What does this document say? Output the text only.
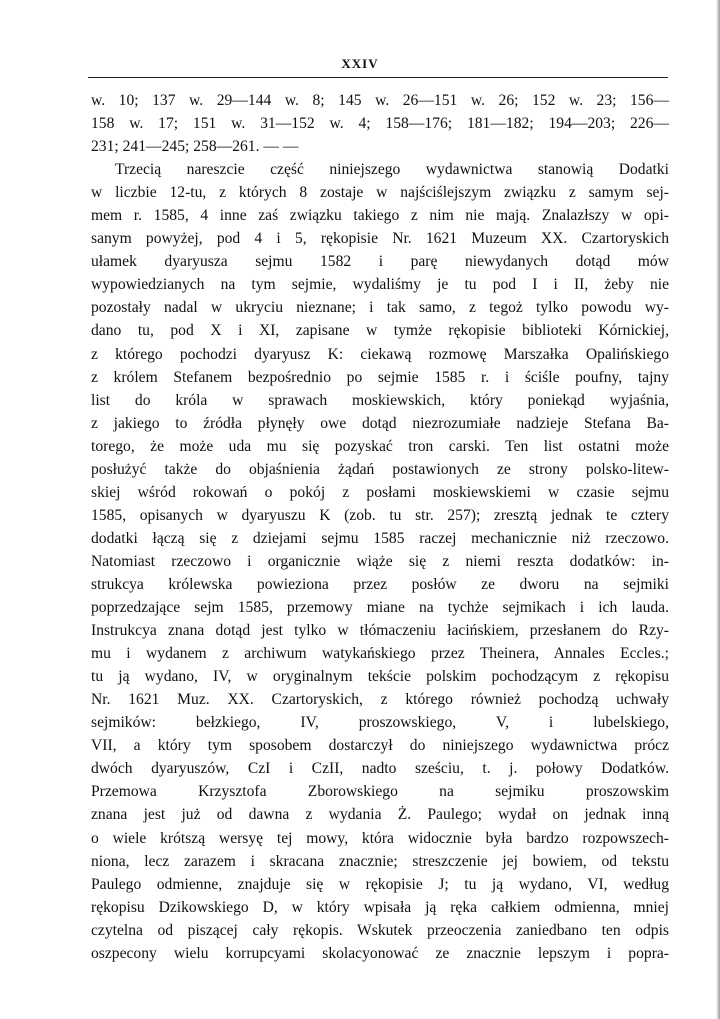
XXIV
w. 10; 137 w. 29—144 w. 8; 145 w. 26—151 w. 26; 152 w. 23; 156—
158 w. 17; 151 w. 31—152 w. 4; 158—176; 181—182; 194—203; 226—
231; 241—245; 258—261. — —
Trzecią nareszcie część niniejszego wydawnictwa stanowią Dodatki
w liczbie 12-tu, z których 8 zostaje w najściślejszym związku z samym sej-
mem r. 1585, 4 inne zaś związku takiego z nim nie mają. Znalazłszy w opi-
sanym powyżej, pod 4 i 5, rękopisie Nr. 1621 Muzeum XX. Czartoryskich
ułamek dyaryusza sejmu 1582 i parę niewydanych dotąd mów
wypowiedzianych na tym sejmie, wydaliśmy je tu pod I i II, żeby nie
pozostały nadal w ukryciu nieznane; i tak samo, z tegoż tylko powodu wy-
dano tu, pod X i XI, zapisane w tymże rękopisie biblioteki Kórnickiej,
z którego pochodzi dyaryusz K: ciekawą rozmowę Marszałka Opalińskiego
z królem Stefanem bezpośrednio po sejmie 1585 r. i ściśle poufny, tajny
list do króla w sprawach moskiewskich, który poniekąd wyjaśnia,
z jakiego to źródła płynęły owe dotąd niezrozumiałe nadzieje Stefana Ba-
torego, że może uda mu się pozyskać tron carski. Ten list ostatni może
posłużyć także do objaśnienia żądań postawionych ze strony polsko-litew-
skiej wśród rokowań o pokój z posłami moskiewskiemi w czasie sejmu
1585, opisanych w dyaryuszu K (zob. tu str. 257); zresztą jednak te cztery
dodatki łączą się z dziejami sejmu 1585 raczej mechanicznie niż rzeczowo.
Natomiast rzeczowo i organicznie wiąże się z niemi reszta dodatków: in-
strukcya królewska powieziona przez posłów ze dworu na sejmiki
poprzedzające sejm 1585, przemowy miane na tychże sejmikach i ich lauda.
Instrukcya znana dotąd jest tylko w tłómaczeniu łacińskiem, przesłanem do Rzy-
mu i wydanem z archiwum watykańskiego przez Theinera, Annales Eccles.;
tu ją wydano, IV, w oryginalnym tekście polskim pochodzącym z rękopisu
Nr. 1621 Muz. XX. Czartoryskich, z którego również pochodzą uchwały
sejmików: bełzkiego, IV, proszowskiego, V, i lubelskiego,
VII, a który tym sposobem dostarczył do niniejszego wydawnictwa prócz
dwóch dyaryuszów, CzI i CzII, nadto sześciu, t. j. połowy Dodatków.
Przemowa Krzysztofa Zborowskiego na sejmiku proszowskim
znana jest już od dawna z wydania Ż. Paulego; wydał on jednak inną
o wiele krótszą wersyę tej mowy, która widocznie była bardzo rozpowszech-
niona, lecz zarazem i skracana znacznie; streszczenie jej bowiem, od tekstu
Paulego odmienne, znajduje się w rękopisie J; tu ją wydano, VI, według
rękopisu Dzikowskiego D, w który wpisała ją ręka całkiem odmienna, mniej
czytelna od piszącej cały rękopis. Wskutek przeoczenia zaniedbano ten odpis
oszpecony wielu korrupcyami skolacyonować ze znacznie lepszym i popra-
